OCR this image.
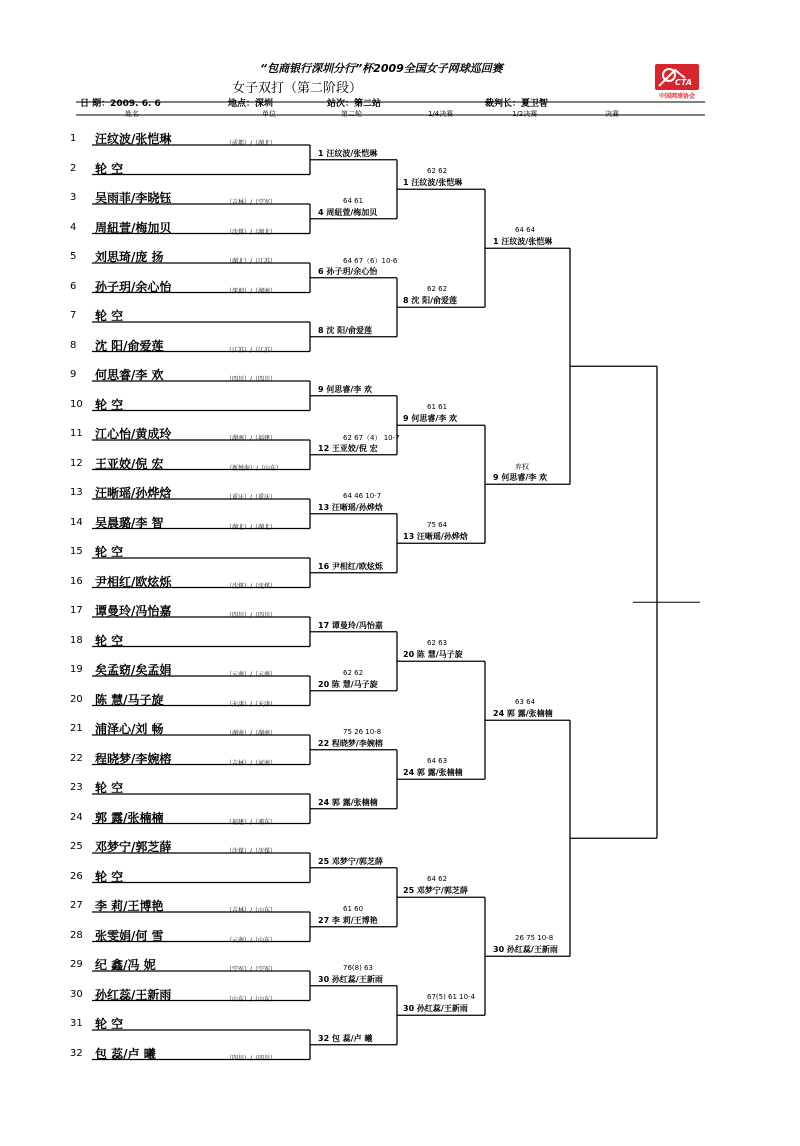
“包商银行深圳分行”杯2009全国女子网球巡回赛
女子双打（第二阶段）	CTA
中国网球协会
日 期：2009. 6. 6	地点：深圳	站次：第二站	裁判长：夏卫智
姓名	单位	第二轮	1/4决赛	1/2决赛	决赛
1 汪纹波/张恺琳	（成都）/（湖北）
2 轮 空
3 吴雨菲/李晓钰	（吉林）/（空军）
4 周紐萱/梅加贝	（沈煤）/（湖北）
5 刘思琦/庞 扬	（湖北）/（江苏）
6 孙子玥/余心怡	（深圳）/（湖南）
7 轮 空
8 沈 阳/俞爱莲	（江苏）/（江苏）
9 何思睿/李 欢	（四川）/（四川）
10 轮 空
11 江心怡/黄成玲	（湖南）/（福建）
12 王亚姣/倪 宏	（新悦海）/（山东）
13 汪晰瑶/孙烨焓	（重庆）/（重庆）
14 吴晨璐/李 智	（湖北）/（湖北）
15 轮 空
16 尹相红/欧炫烁	（沈煤）/（沈煤）
17 谭曼玲/冯怡嘉	（四川）/（四川）
18 轮 空
19 矣孟窈/矣孟娟	（云南）/（云南）
20 陈 慧/马子旋	（天津）/（天津）
21 浦泽心/刘 畅	（湖南）/（湖南）
22 程晓梦/李婉榕	（吉林）/（河南）
23 轮 空
24 郭 露/张楠楠	（福建）/（浦东）
25 邓梦宁/郭芝薛	（沈煤）/（沈煤）
26 轮 空
27 李 莉/王博艳	（吉林）/（山东）
28 张雯娟/何 雪	（云南）/（山东）
29 纪 鑫/冯 妮	（空军）/（空军）
30 孙红蕊/王新雨	（山东）/（山东）
31 轮 空
32 包 蕊/卢 曦	（四川）/（四川）
1 汪纹波/张恺琳
4 周紐萱/梅加贝
64 61
6 孙子玥/余心怡
64 67（6）10-6
8 沈 阳/俞爱莲
9 何思睿/李 欢
12 王亚姣/倪 宏
62 67（4） 10-7
13 汪晰瑶/孙烨焓
64 46 10-7
16 尹相红/欧炫烁
17 谭曼玲/冯怡嘉
20 陈 慧/马子旋
62 62
22 程晓梦/李婉榕
75 26 10-8
24 郭 露/张楠楠
25 邓梦宁/郭芝薛
27 李 莉/王博艳
61 60
30 孙红蕊/王新雨
76(8) 63
32 包 蕊/卢 曦
1 汪纹波/张恺琳
62 62
8 沈 阳/俞爱莲
62 62
9 何思睿/李 欢
61 61
13 汪晰瑶/孙烨焓
75 64
20 陈 慧/马子旋
62 63
24 郭 露/张楠楠
64 63
25 邓梦宁/郭芝薛
64 62
30 孙红蕊/王新雨
67(5) 61 10-4
1 汪纹波/张恺琳
64 64
9 何思睿/李 欢
弃权
24 郭 露/张楠楠
63 64
30 孙红蕊/王新雨
26 75 10-8
